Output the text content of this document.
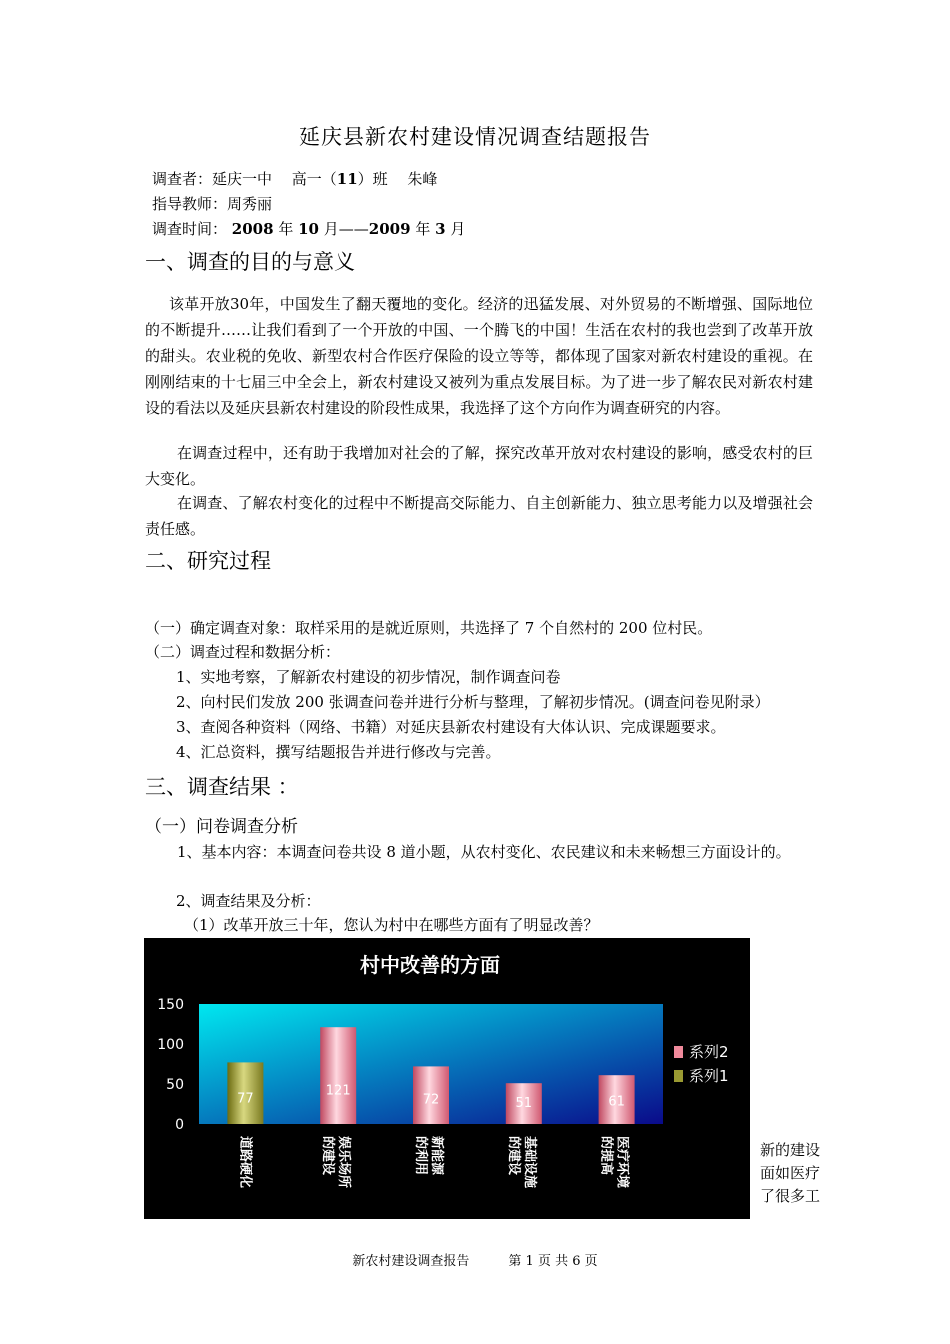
延庆县新农村建设情况调查结题报告
调查者：延庆一中　 高一（11）班　 朱峰
指导教师：周秀丽
调查时间： 2008 年 10 月——2009 年 3 月
一、调查的目的与意义
该革开放30年，中国发生了翻天覆地的变化。经济的迅猛发展、对外贸易的不断增强、国际地位的不断提升……让我们看到了一个开放的中国、一个腾飞的中国！生活在农村的我也尝到了改革开放的甜头。农业税的免收、新型农村合作医疗保险的设立等等，都体现了国家对新农村建设的重视。在刚刚结束的十七届三中全会上，新农村建设又被列为重点发展目标。为了进一步了解农民对新农村建设的看法以及延庆县新农村建设的阶段性成果，我选择了这个方向作为调查研究的内容。
在调查过程中，还有助于我增加对社会的了解，探究改革开放对农村建设的影响，感受农村的巨大变化。
在调查、了解农村变化的过程中不断提高交际能力、自主创新能力、独立思考能力以及增强社会责任感。
二、研究过程
（一）确定调查对象：取样采用的是就近原则，共选择了 7 个自然村的 200 位村民。
（二）调查过程和数据分析：
1、实地考察，了解新农村建设的初步情况，制作调查问卷
2、向村民们发放 200 张调查问卷并进行分析与整理，了解初步情况。(调查问卷见附录）
3、查阅各种资料（网络、书籍）对延庆县新农村建设有大体认识、完成课题要求。
4、汇总资料，撰写结题报告并进行修改与完善。
三、调查结果 ：
（一）问卷调查分析
1、基本内容：本调查问卷共设 8 道小题，从农村变化、农民建议和未来畅想三方面设计的。
2、调查结果及分析：
（1）改革开放三十年，您认为村中在哪些方面有了明显改善？
村中改善的方面
0
50
100
150
77
121
72	51	61
道路硬化	娱乐场所的建设	新能源的利用	基础设施的建设	医疗环境的提高
系列2
系列1
新的建设
面如医疗
了很多工
新农村建设调查报告　　　	第 1 页 共 6 页
